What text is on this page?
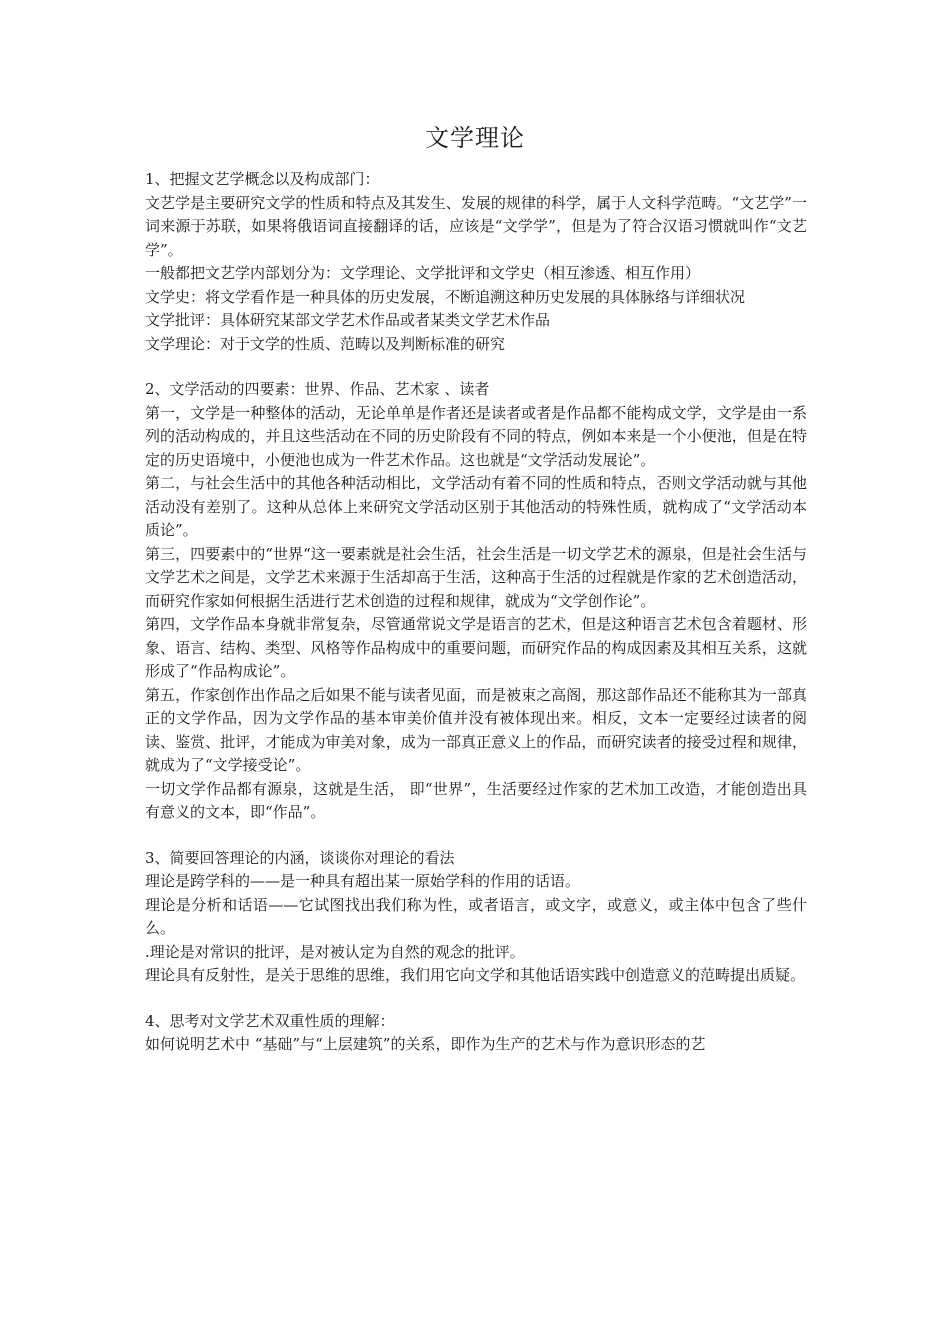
文学理论

1、把握文艺学概念以及构成部门：

文艺学是主要研究文学的性质和特点及其发生、发展的规律的科学，属于人文科学范畴。“文艺学”一词来源于苏联，如果将俄语词直接翻译的话，应该是“文学学”，但是为了符合汉语习惯就叫作“文艺学”。

一般都把文艺学内部划分为：文学理论、文学批评和文学史（相互渗透、相互作用）

文学史：将文学看作是一种具体的历史发展，不断追溯这种历史发展的具体脉络与详细状况

文学批评：具体研究某部文学艺术作品或者某类文学艺术作品

文学理论：对于文学的性质、范畴以及判断标准的研究

2、文学活动的四要素：世界、作品、艺术家 、读者

第一，文学是一种整体的活动，无论单单是作者还是读者或者是作品都不能构成文学，文学是由一系列的活动构成的，并且这些活动在不同的历史阶段有不同的特点，例如本来是一个小便池，但是在特定的历史语境中，小便池也成为一件艺术作品。这也就是“文学活动发展论”。

第二，与社会生活中的其他各种活动相比，文学活动有着不同的性质和特点，否则文学活动就与其他活动没有差别了。这种从总体上来研究文学活动区别于其他活动的特殊性质，就构成了“文学活动本质论”。

第三，四要素中的“世界“这一要素就是社会生活，社会生活是一切文学艺术的源泉，但是社会生活与文学艺术之间是，文学艺术来源于生活却高于生活，这种高于生活的过程就是作家的艺术创造活动，而研究作家如何根据生活进行艺术创造的过程和规律，就成为“文学创作论”。

第四，文学作品本身就非常复杂，尽管通常说文学是语言的艺术，但是这种语言艺术包含着题材、形象、语言、结构、类型、风格等作品构成中的重要问题，而研究作品的构成因素及其相互关系，这就形成了“作品构成论”。

第五，作家创作出作品之后如果不能与读者见面，而是被束之高阁，那这部作品还不能称其为一部真正的文学作品，因为文学作品的基本审美价值并没有被体现出来。相反，文本一定要经过读者的阅读、鉴赏、批评，才能成为审美对象，成为一部真正意义上的作品，而研究读者的接受过程和规律，就成为了“文学接受论”。

一切文学作品都有源泉，这就是生活， 即“世界”，生活要经过作家的艺术加工改造，才能创造出具有意义的文本，即“作品”。

3、简要回答理论的内涵，谈谈你对理论的看法

理论是跨学科的——是一种具有超出某一原始学科的作用的话语。

理论是分析和话语——它试图找出我们称为性，或者语言，或文字，或意义，或主体中包含了些什么。

.理论是对常识的批评，是对被认定为自然的观念的批评。

理论具有反射性，是关于思维的思维，我们用它向文学和其他话语实践中创造意义的范畴提出质疑。

4、思考对文学艺术双重性质的理解：

如何说明艺术中 “基础”与“上层建筑”的关系，即作为生产的艺术与作为意识形态的艺
